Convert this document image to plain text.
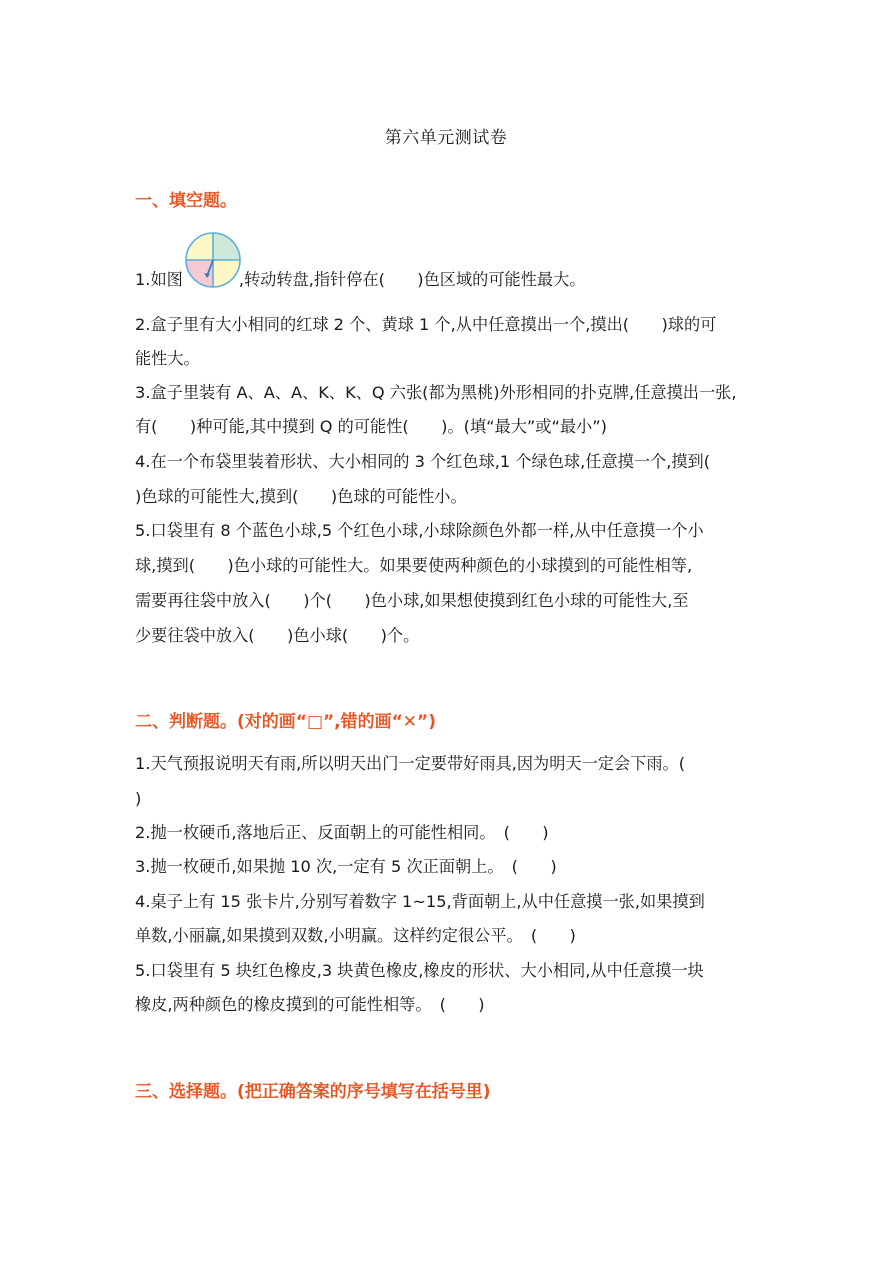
第六单元测试卷
一、填空题。
1.如图	,转动转盘,指针停在(　　)色区域的可能性最大。
2.盒子里有大小相同的红球 2 个、黄球 1 个,从中任意摸出一个,摸出(　　)球的可
能性大。
3.盒子里装有 A、A、A、K、K、Q 六张(都为黑桃)外形相同的扑克牌,任意摸出一张,
有(　　)种可能,其中摸到 Q 的可能性(　　)。(填“最大”或“最小”)
4.在一个布袋里装着形状、大小相同的 3 个红色球,1 个绿色球,任意摸一个,摸到(
)色球的可能性大,摸到(　　)色球的可能性小。
5.口袋里有 8 个蓝色小球,5 个红色小球,小球除颜色外都一样,从中任意摸一个小
球,摸到(　　)色小球的可能性大。如果要使两种颜色的小球摸到的可能性相等,
需要再往袋中放入(　　)个(　　)色小球,如果想使摸到红色小球的可能性大,至
少要往袋中放入(　　)色小球(　　)个。
二、判断题。(对的画“□”,错的画“✕”)
1.天气预报说明天有雨,所以明天出门一定要带好雨具,因为明天一定会下雨。(
)
2.抛一枚硬币,落地后正、反面朝上的可能性相同。　(　　)
3.抛一枚硬币,如果抛 10 次,一定有 5 次正面朝上。　(　　)
4.桌子上有 15 张卡片,分别写着数字 1~15,背面朝上,从中任意摸一张,如果摸到
单数,小丽赢,如果摸到双数,小明赢。这样约定很公平。　(　　)
5.口袋里有 5 块红色橡皮,3 块黄色橡皮,橡皮的形状、大小相同,从中任意摸一块
橡皮,两种颜色的橡皮摸到的可能性相等。　(　　)
三、选择题。(把正确答案的序号填写在括号里)
